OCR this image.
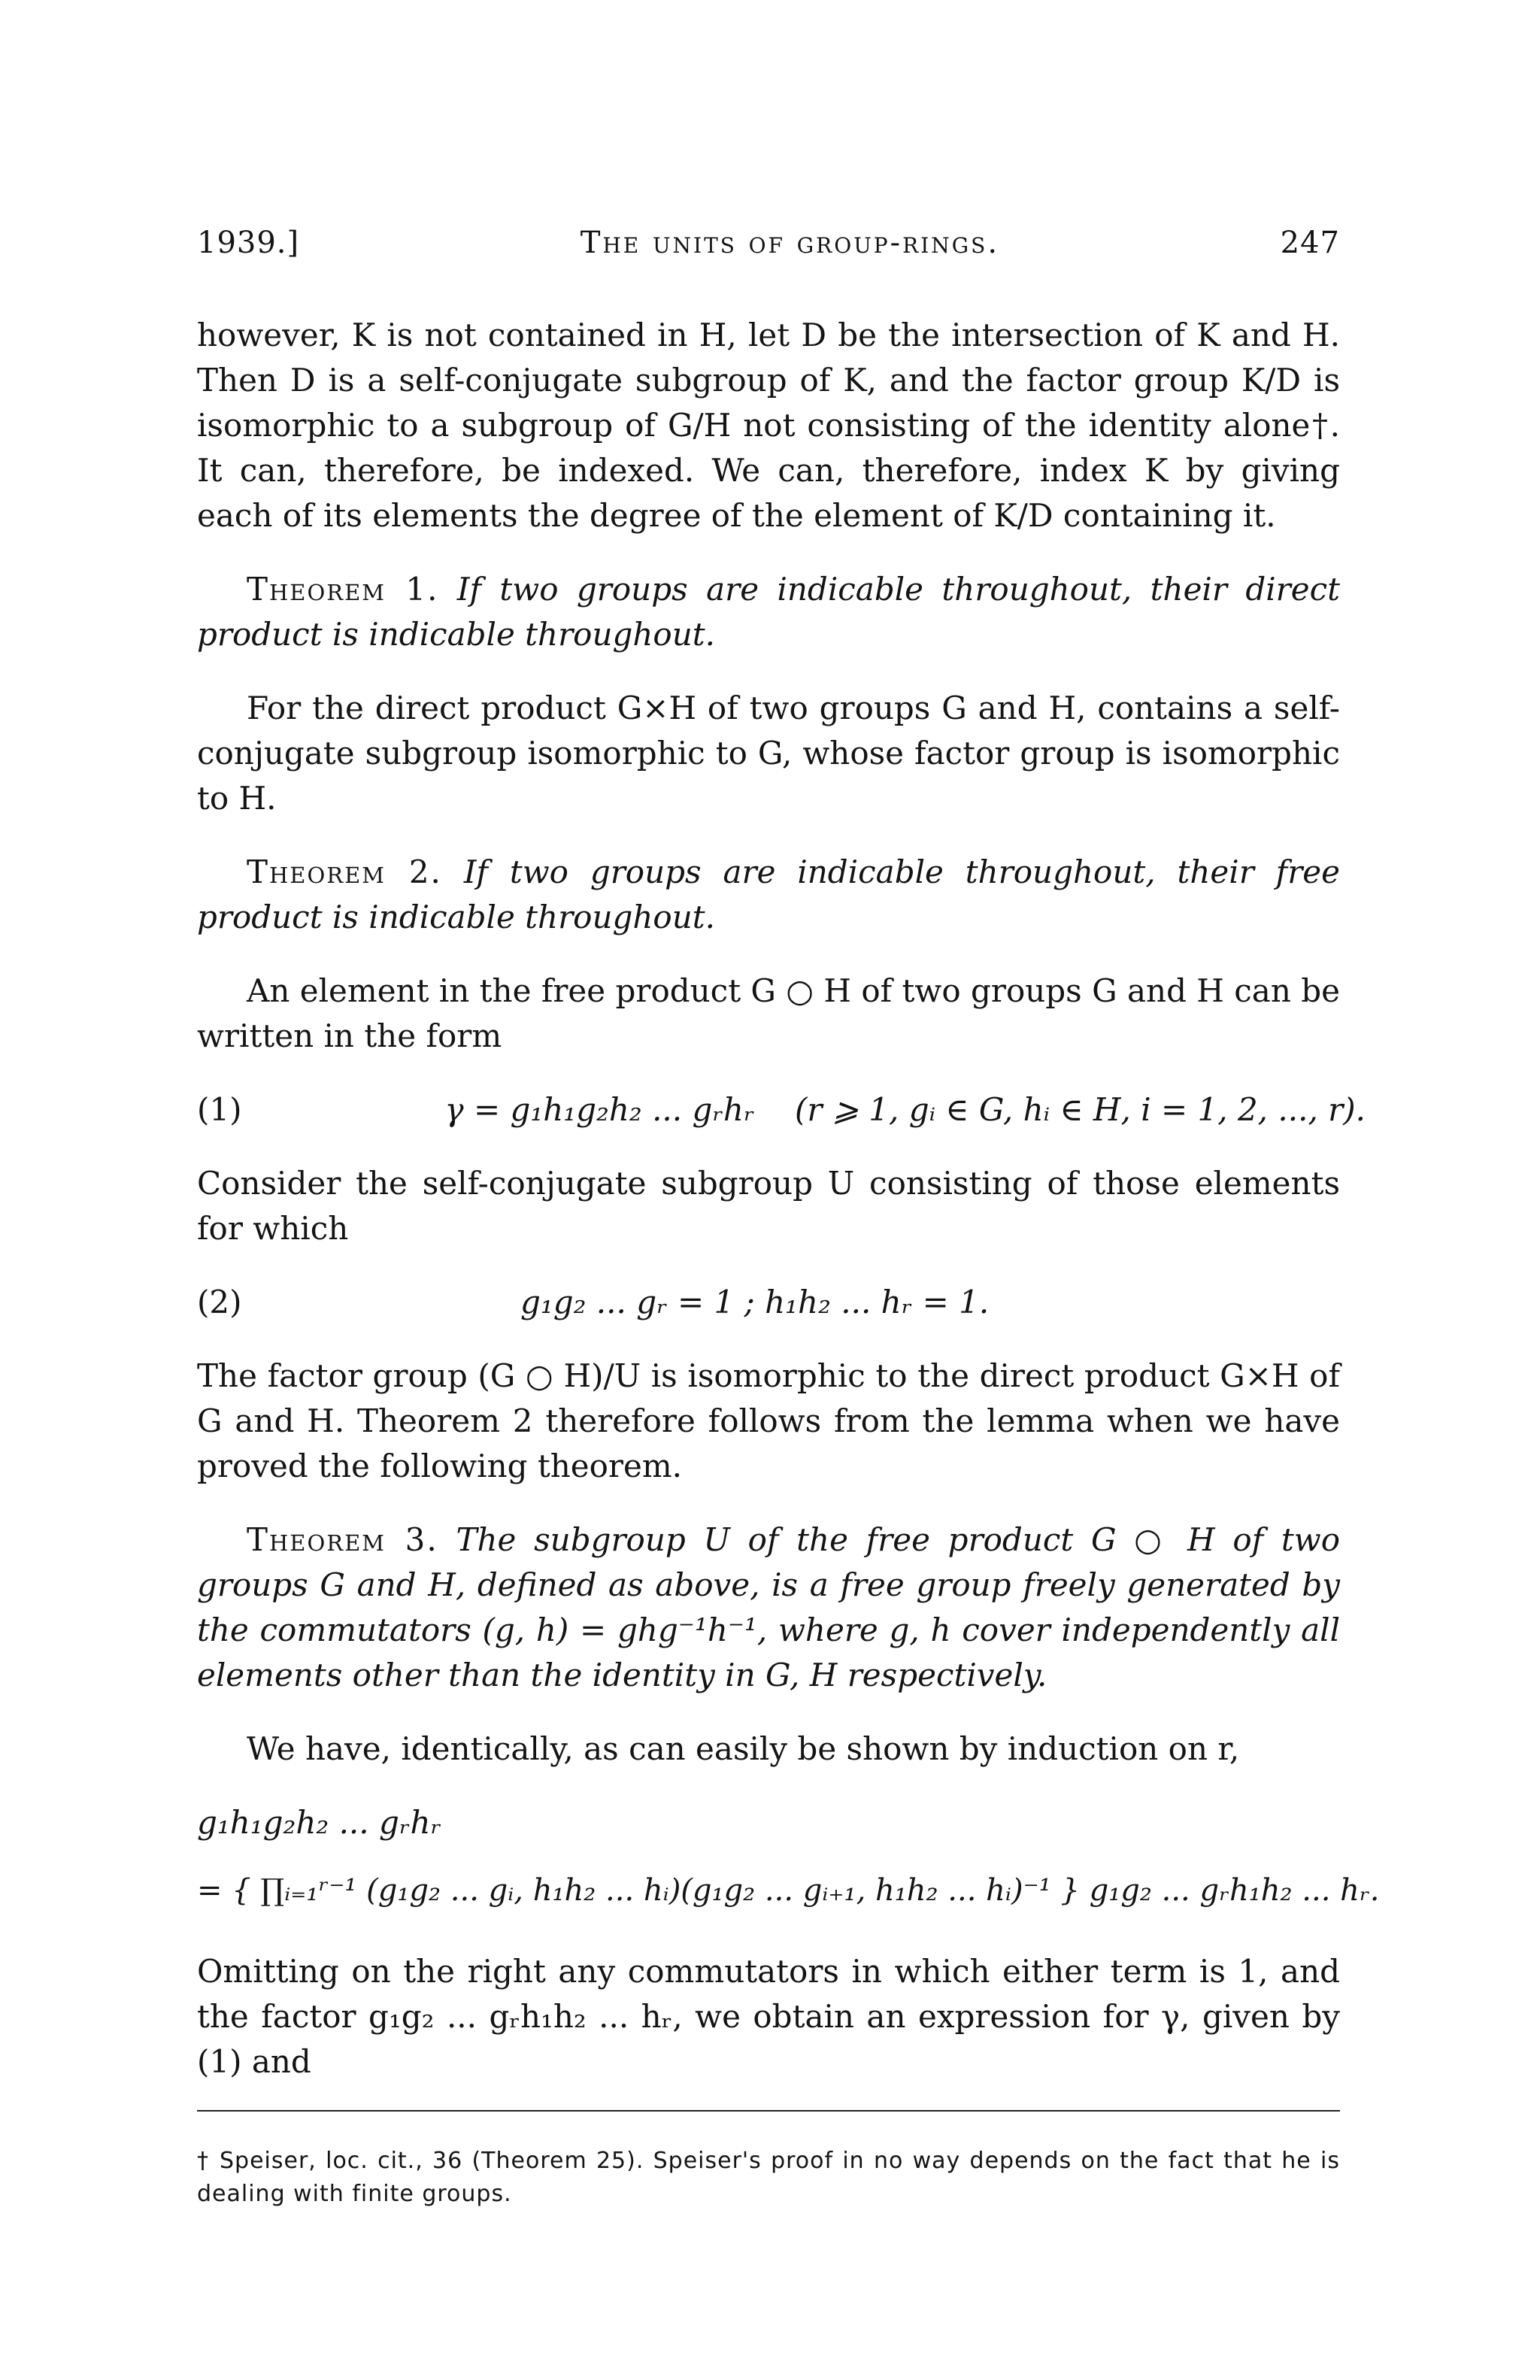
1939.]	The units of group-rings.	247

however, K is not contained in H, let D be the intersection of K and H. Then D is a self-conjugate subgroup of K, and the factor group K/D is isomorphic to a subgroup of G/H not consisting of the identity alone†. It can, therefore, be indexed. We can, therefore, index K by giving each of its elements the degree of the element of K/D containing it.

Theorem 1. If two groups are indicable throughout, their direct product is indicable throughout.

For the direct product G×H of two groups G and H, contains a self-conjugate subgroup isomorphic to G, whose factor group is isomorphic to H.

Theorem 2. If two groups are indicable throughout, their free product is indicable throughout.

An element in the free product G ○ H of two groups G and H can be written in the form

(1)	γ = g₁h₁g₂h₂ ... gᵣhᵣ (r ⩾ 1, gᵢ ∈ G, hᵢ ∈ H, i = 1, 2, ..., r).

Consider the self-conjugate subgroup U consisting of those elements for which

(2)	g₁g₂ ... gᵣ = 1 ; h₁h₂ ... hᵣ = 1.

The factor group (G ○ H)/U is isomorphic to the direct product G×H of G and H. Theorem 2 therefore follows from the lemma when we have proved the following theorem.

Theorem 3. The subgroup U of the free product G ○ H of two groups G and H, defined as above, is a free group freely generated by the commutators (g, h) = ghg⁻¹h⁻¹, where g, h cover independently all elements other than the identity in G, H respectively.

We have, identically, as can easily be shown by induction on r,

g₁h₁g₂h₂ ... gᵣhᵣ
= { ∏ᵢ₌₁ʳ⁻¹ (g₁g₂ ... gᵢ, h₁h₂ ... hᵢ)(g₁g₂ ... gᵢ₊₁, h₁h₂ ... hᵢ)⁻¹ } g₁g₂ ... gᵣh₁h₂ ... hᵣ.

Omitting on the right any commutators in which either term is 1, and the factor g₁g₂ ... gᵣh₁h₂ ... hᵣ, we obtain an expression for γ, given by (1) and

† Speiser, loc. cit., 36 (Theorem 25). Speiser's proof in no way depends on the fact that he is dealing with finite groups.
